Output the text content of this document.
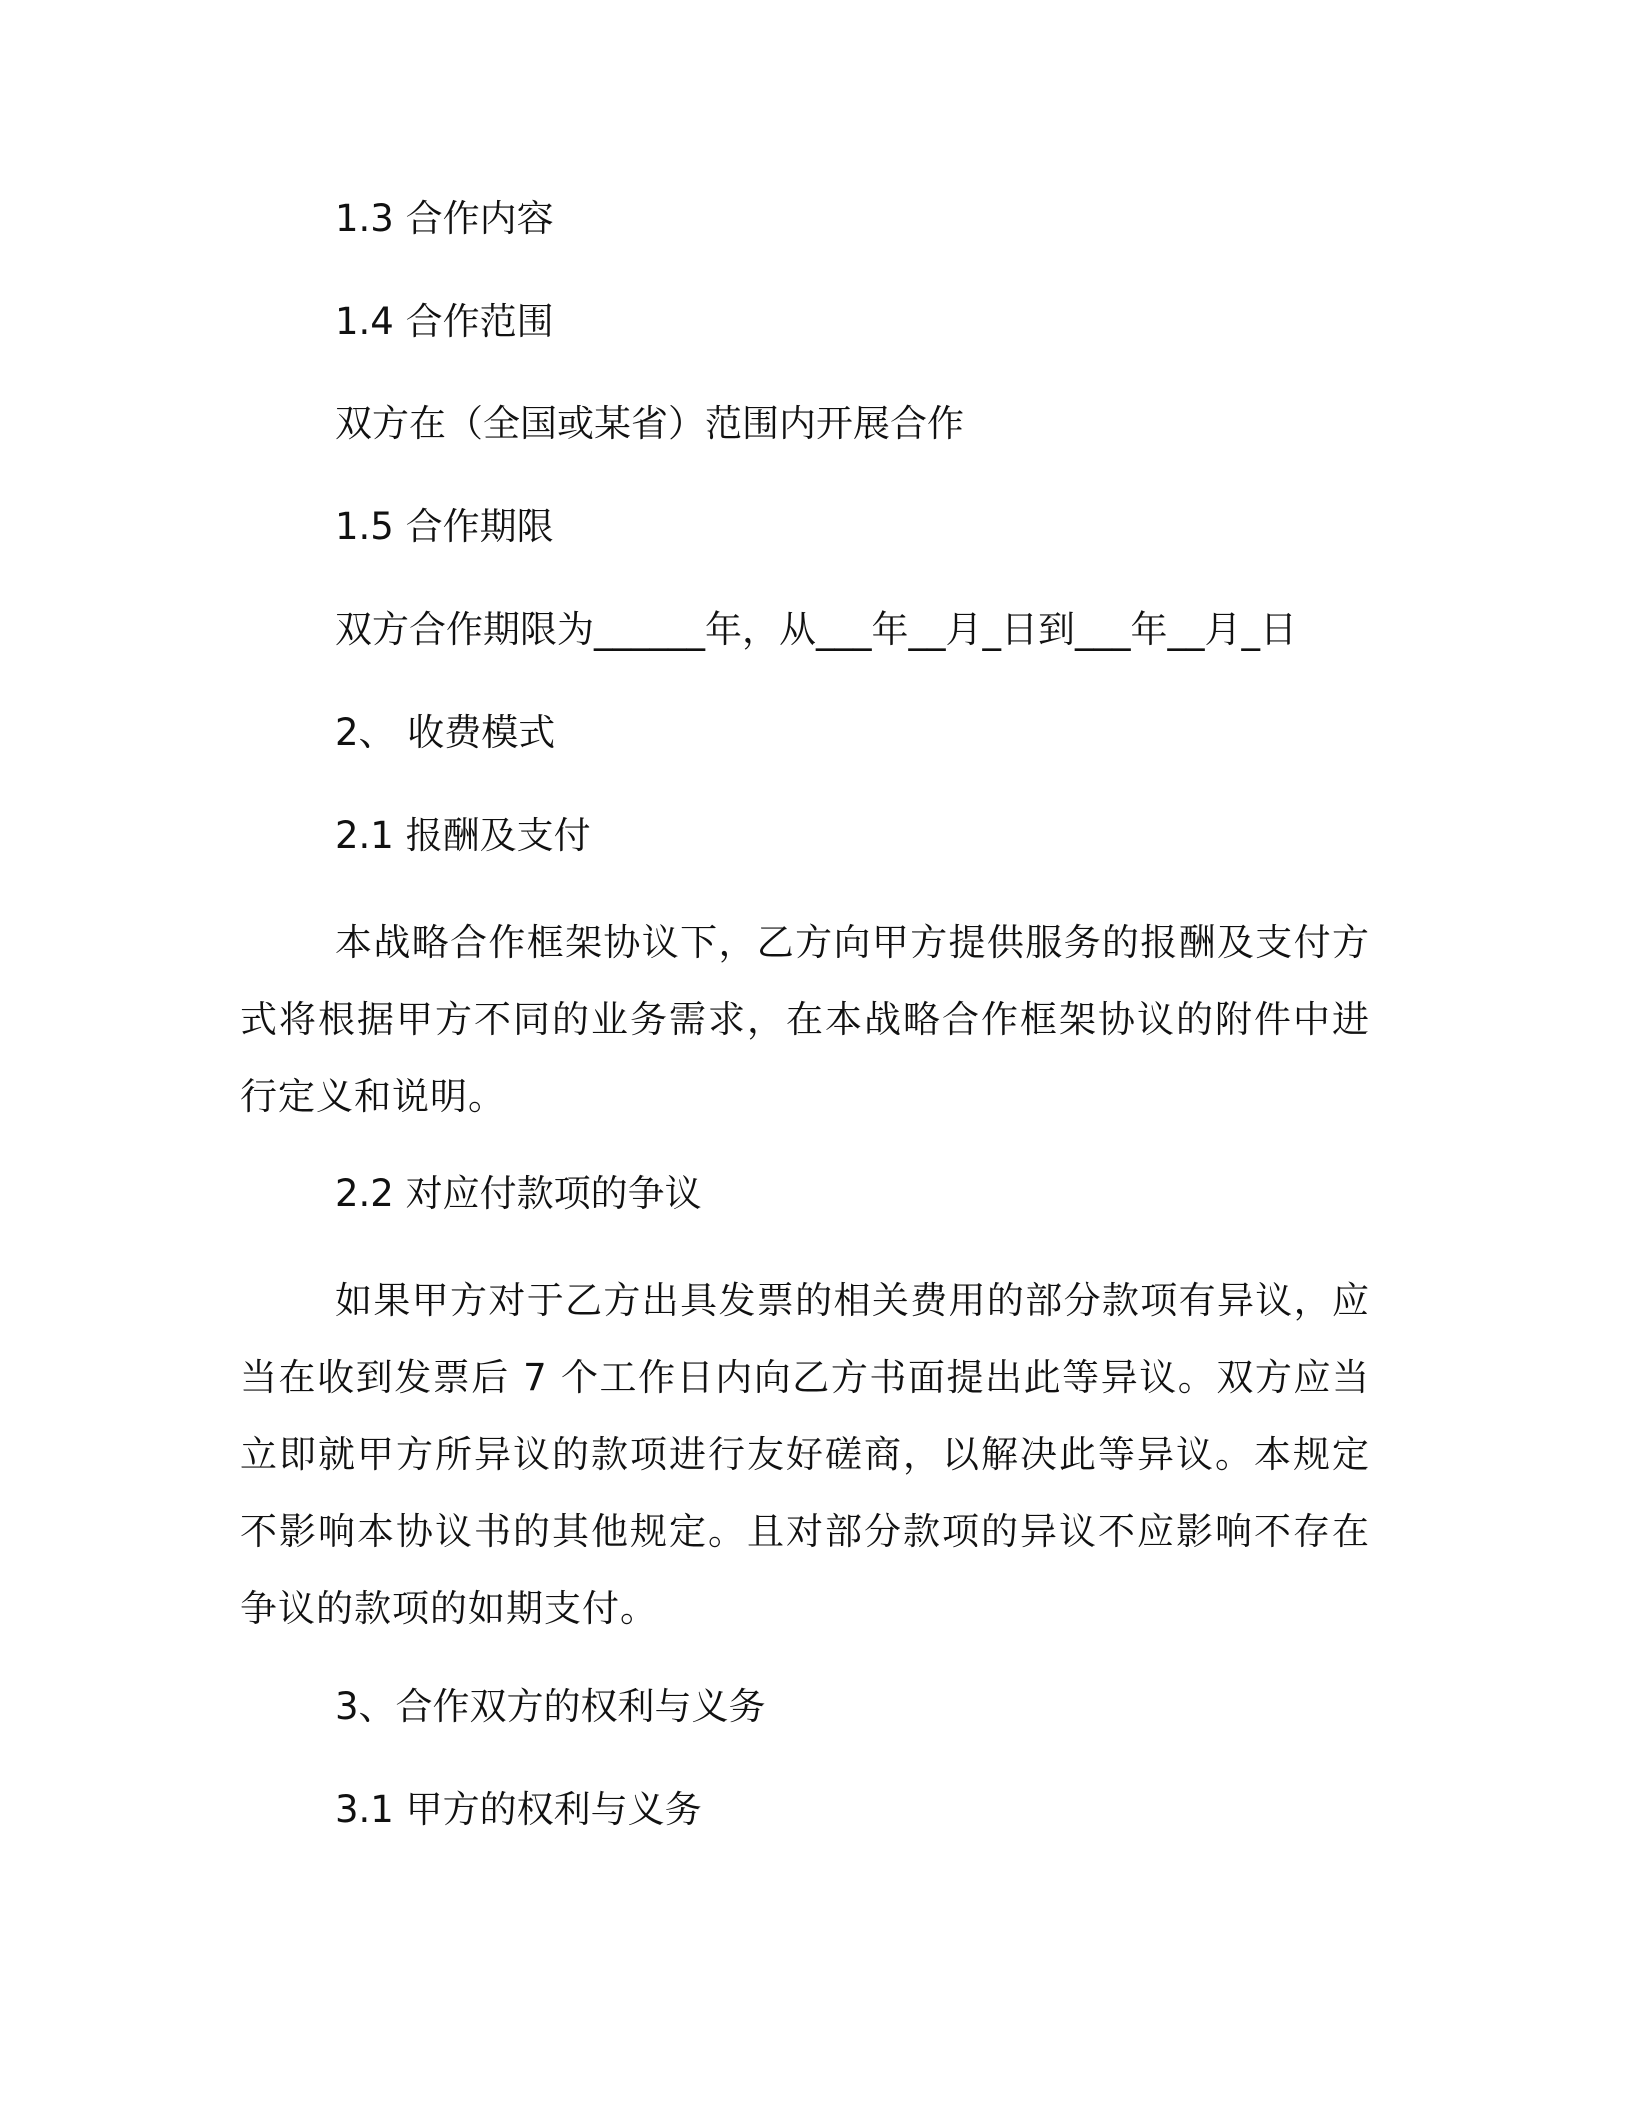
1.3 合作内容
1.4 合作范围
双方在（全国或某省）范围内开展合作
1.5 合作期限
双方合作期限为______年，从___年__月_日到___年__月_日
2、 收费模式
2.1 报酬及支付
本战略合作框架协议下，乙方向甲方提供服务的报酬及支付方式将根据甲方不同的业务需求，在本战略合作框架协议的附件中进行定义和说明。
2.2 对应付款项的争议
如果甲方对于乙方出具发票的相关费用的部分款项有异议，应当在收到发票后 7 个工作日内向乙方书面提出此等异议。双方应当立即就甲方所异议的款项进行友好磋商，以解决此等异议。本规定不影响本协议书的其他规定。且对部分款项的异议不应影响不存在争议的款项的如期支付。
3、合作双方的权利与义务
3.1 甲方的权利与义务
